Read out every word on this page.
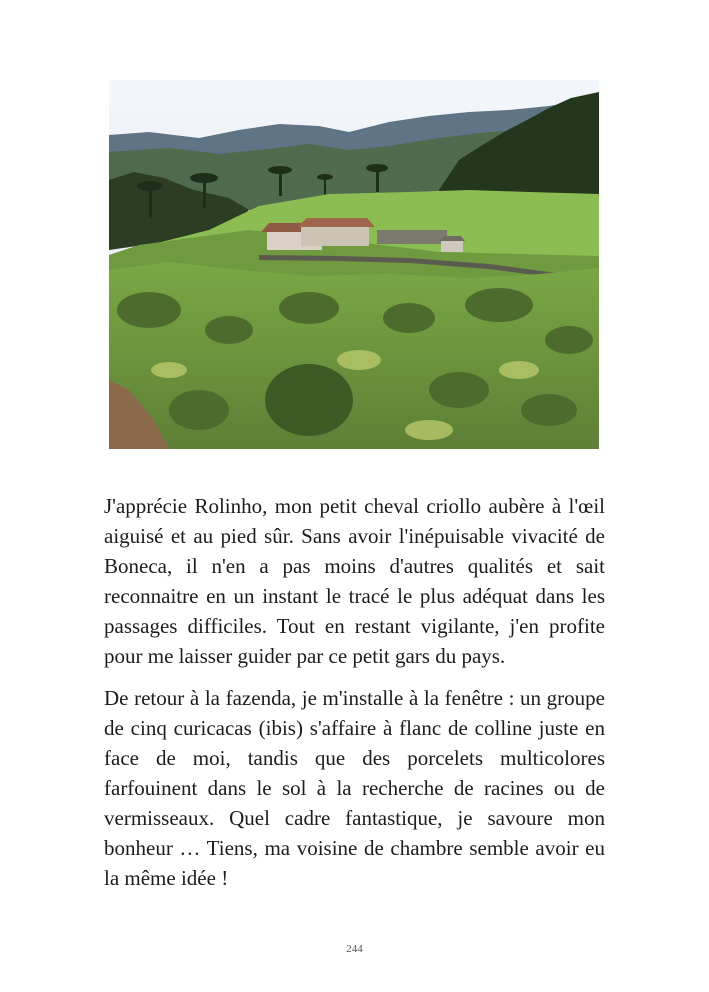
J'apprécie Rolinho, mon petit cheval criollo aubère à l'œil aiguisé et au pied sûr. Sans avoir l'inépuisable vivacité de Boneca, il n'en a pas moins d'autres qualités et sait reconnaitre en un instant le tracé le plus adéquat dans les passages difficiles. Tout en restant vigilante, j'en profite pour me laisser guider par ce petit gars du pays.

De retour à la fazenda, je m'installe à la fenêtre : un groupe de cinq curicacas (ibis) s'affaire à flanc de colline juste en face de moi, tandis que des porcelets multicolores farfouinent dans le sol à la recherche de racines ou de vermisseaux. Quel cadre fantastique, je savoure mon bonheur … Tiens, ma voisine de chambre semble avoir eu la même idée !

244
